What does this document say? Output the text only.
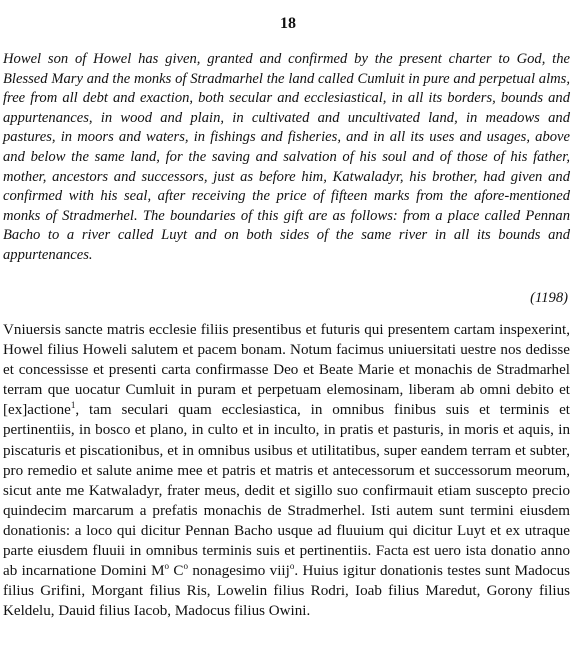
18

Howel son of Howel has given, granted and confirmed by the present charter to God, the Blessed Mary and the monks of Stradmarhel the land called Cumluit in pure and perpetual alms, free from all debt and exaction, both secular and ecclesiastical, in all its borders, bounds and appurtenances, in wood and plain, in cultivated and uncultivated land, in meadows and pastures, in moors and waters, in fishings and fisheries, and in all its uses and usages, above and below the same land, for the saving and salvation of his soul and of those of his father, mother, ancestors and successors, just as before him, Katwaladyr, his brother, had given and confirmed with his seal, after receiving the price of fifteen marks from the afore-mentioned monks of Stradmerhel. The boundaries of this gift are as follows: from a place called Pennan Bacho to a river called Luyt and on both sides of the same river in all its bounds and appurtenances.

(1198)

Vniuersis sancte matris ecclesie filiis presentibus et futuris qui presentem cartam inspexerint, Howel filius Howeli salutem et pacem bonam. Notum facimus uniuersitati uestre nos dedisse et concessisse et presenti carta confirmasse Deo et Beate Marie et monachis de Stradmarhel terram que uocatur Cumluit in puram et perpetuam elemosinam, liberam ab omni debito et [ex]actione$^1$, tam seculari quam ecclesiastica, in omnibus finibus suis et terminis et pertinentiis, in bosco et plano, in culto et in inculto, in pratis et pasturis, in moris et aquis, in piscaturis et piscationibus, et in omnibus usibus et utilitatibus, super eandem terram et subter, pro remedio et salute anime mee et patris et matris et antecessorum et successorum meorum, sicut ante me Katwaladyr, frater meus, dedit et sigillo suo confirmauit etiam suscepto precio quindecim marcarum a prefatis monachis de Stradmerhel. Isti autem sunt termini eiusdem donationis: a loco qui dicitur Pennan Bacho usque ad fluuium qui dicitur Luyt et ex utraque parte eiusdem fluuii in omnibus terminis suis et pertinentiis. Facta est uero ista donatio anno ab incarnatione Domini $M^o$ $C^o$ nonagesimo viij$^o$. Huius igitur donationis testes sunt Madocus filius Grifini, Morgant filius Ris, Lowelin filius Rodri, Ioab filius Maredut, Gorony filius Keldelu, Dauid filius Iacob, Madocus filius Owini.
